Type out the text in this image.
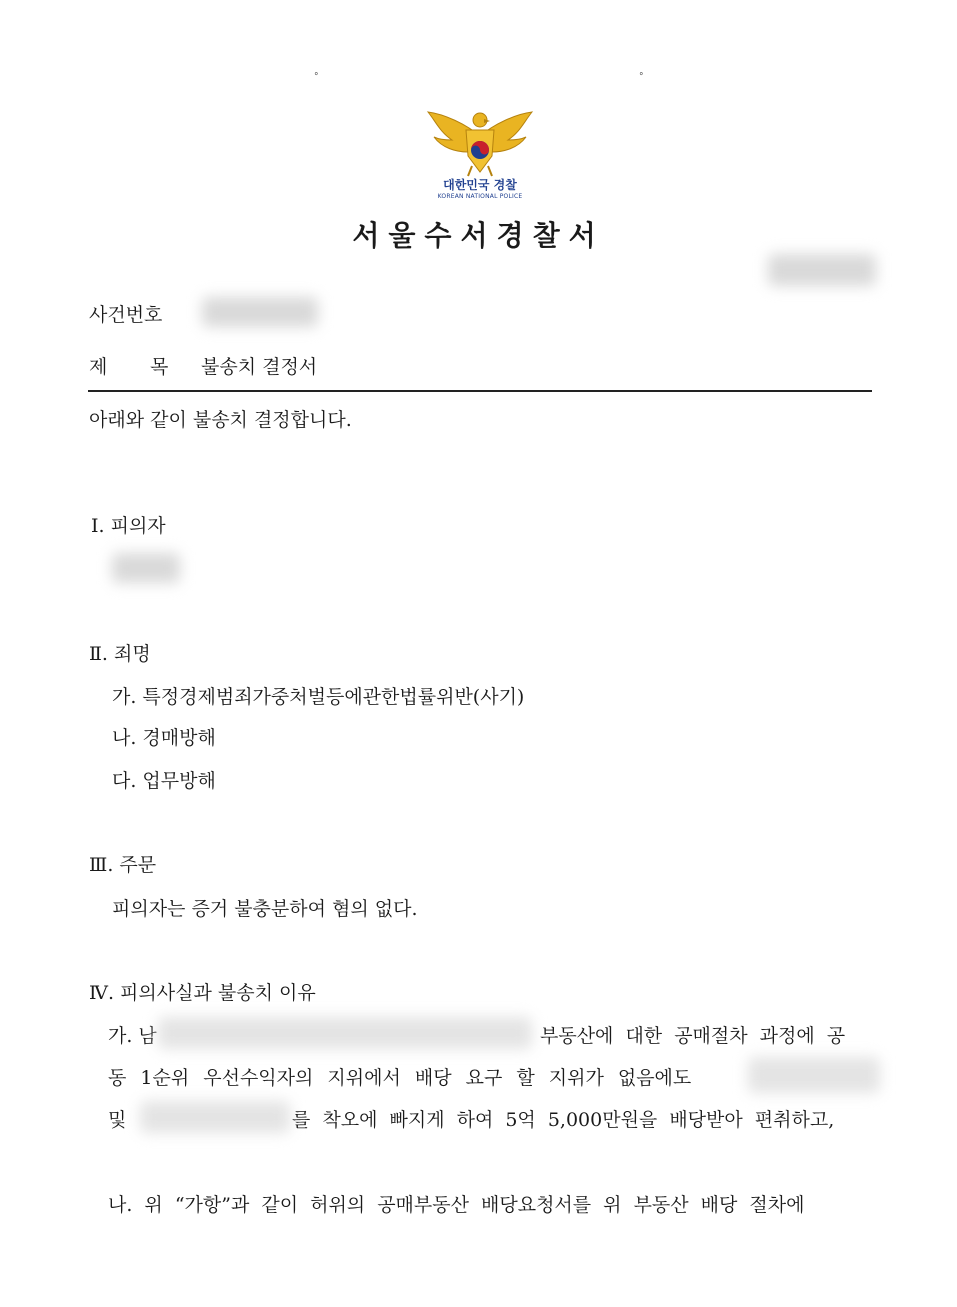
°	°
대한민국 경찰
KOREAN NATIONAL POLICE
서울수서경찰서
사건번호
제 목 불송치 결정서
아래와 같이 불송치 결정합니다.
Ⅰ. 피의자
Ⅱ. 죄명
가. 특정경제범죄가중처벌등에관한법률위반(사기)
나. 경매방해
다. 업무방해
Ⅲ. 주문
피의자는 증거 불충분하여 혐의 없다.
Ⅳ. 피의사실과 불송치 이유
가. 남	부동산에 대한 공매절차 과정에 공
동 1순위 우선수익자의 지위에서 배당 요구 할 지위가 없음에도
및	를 착오에 빠지게 하여 5억 5,000만원을 배당받아 편취하고,
나. 위 “가항”과 같이 허위의 공매부동산 배당요청서를 위 부동산 배당 절차에
